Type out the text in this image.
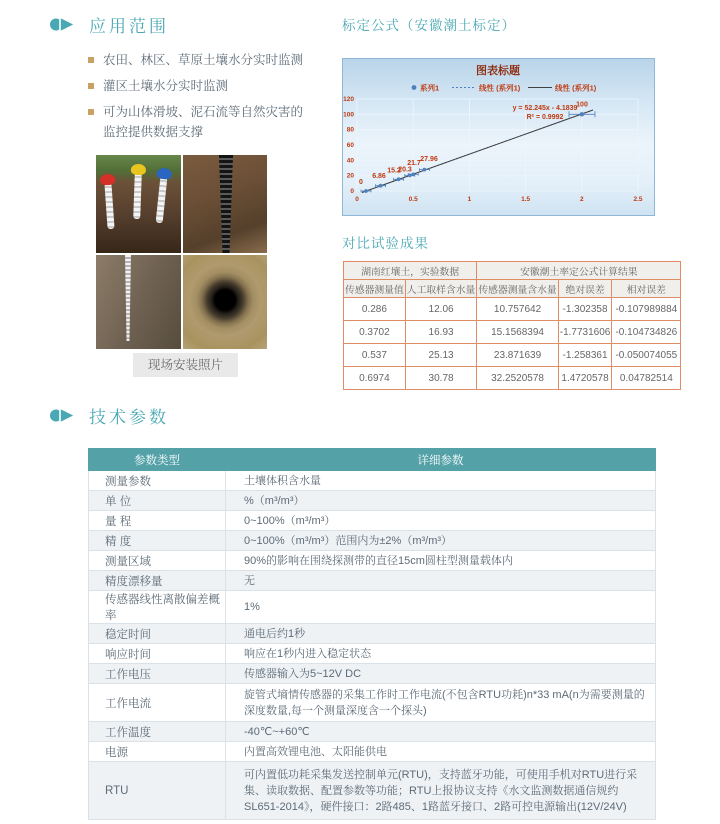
应用范围
农田、林区、草原土壤水分实时监测
灌区土壤水分实时监测
可为山体滑坡、泥石流等自然灾害的监控提供数据支撑
现场安装照片
标定公式（安徽潮土标定）
图表标题
系列1	线性 (系列1)	线性 (系列1)
120
100
80
60
40
20
0
0	0.5	1	1.5	2	2.5
0
6.86
15.2
20.3
21.7
27.96
100
y = 52.245x - 4.1839
R² = 0.9992
对比试验成果
湖南红壤土，实验数据		安徽潮土率定公式计算结果		
传感器测量值	人工取样含水量	传感器测量含水量	绝对误差	相对误差
0.286	12.06	10.757642	-1.302358	-0.107989884
0.3702	16.93	15.1568394	-1.7731606	-0.104734826
0.537	25.13	23.871639	-1.258361	-0.050074055
0.6974	30.78	32.2520578	1.4720578	0.04782514
技术参数
参数类型	详细参数
测量参数	土壤体积含水量
单 位	%（m³/m³）
量 程	0~100%（m³/m³）
精 度	0~100%（m³/m³）范围内为±2%（m³/m³）
测量区域	90%的影响在围绕探测带的直径15cm圆柱型测量载体内
精度漂移量	无
传感器线性离散偏差概率	1%
稳定时间	通电后约1秒
响应时间	响应在1秒内进入稳定状态
工作电压	传感器输入为5~12V DC
工作电流	旋管式墒情传感器的采集工作时工作电流(不包含RTU功耗)n*33 mA(n为需要测量的深度数量,每一个测量深度含一个探头)
工作温度	-40℃~+60℃
电源	内置高效锂电池、太阳能供电
RTU	可内置低功耗采集发送控制单元(RTU)，支持蓝牙功能，可使用手机对RTU进行采集、读取数据、配置参数等功能；RTU上报协议支持《水文监测数据通信规约SL651-2014》，硬件接口：2路485、1路蓝牙接口、2路可控电源输出(12V/24V)
